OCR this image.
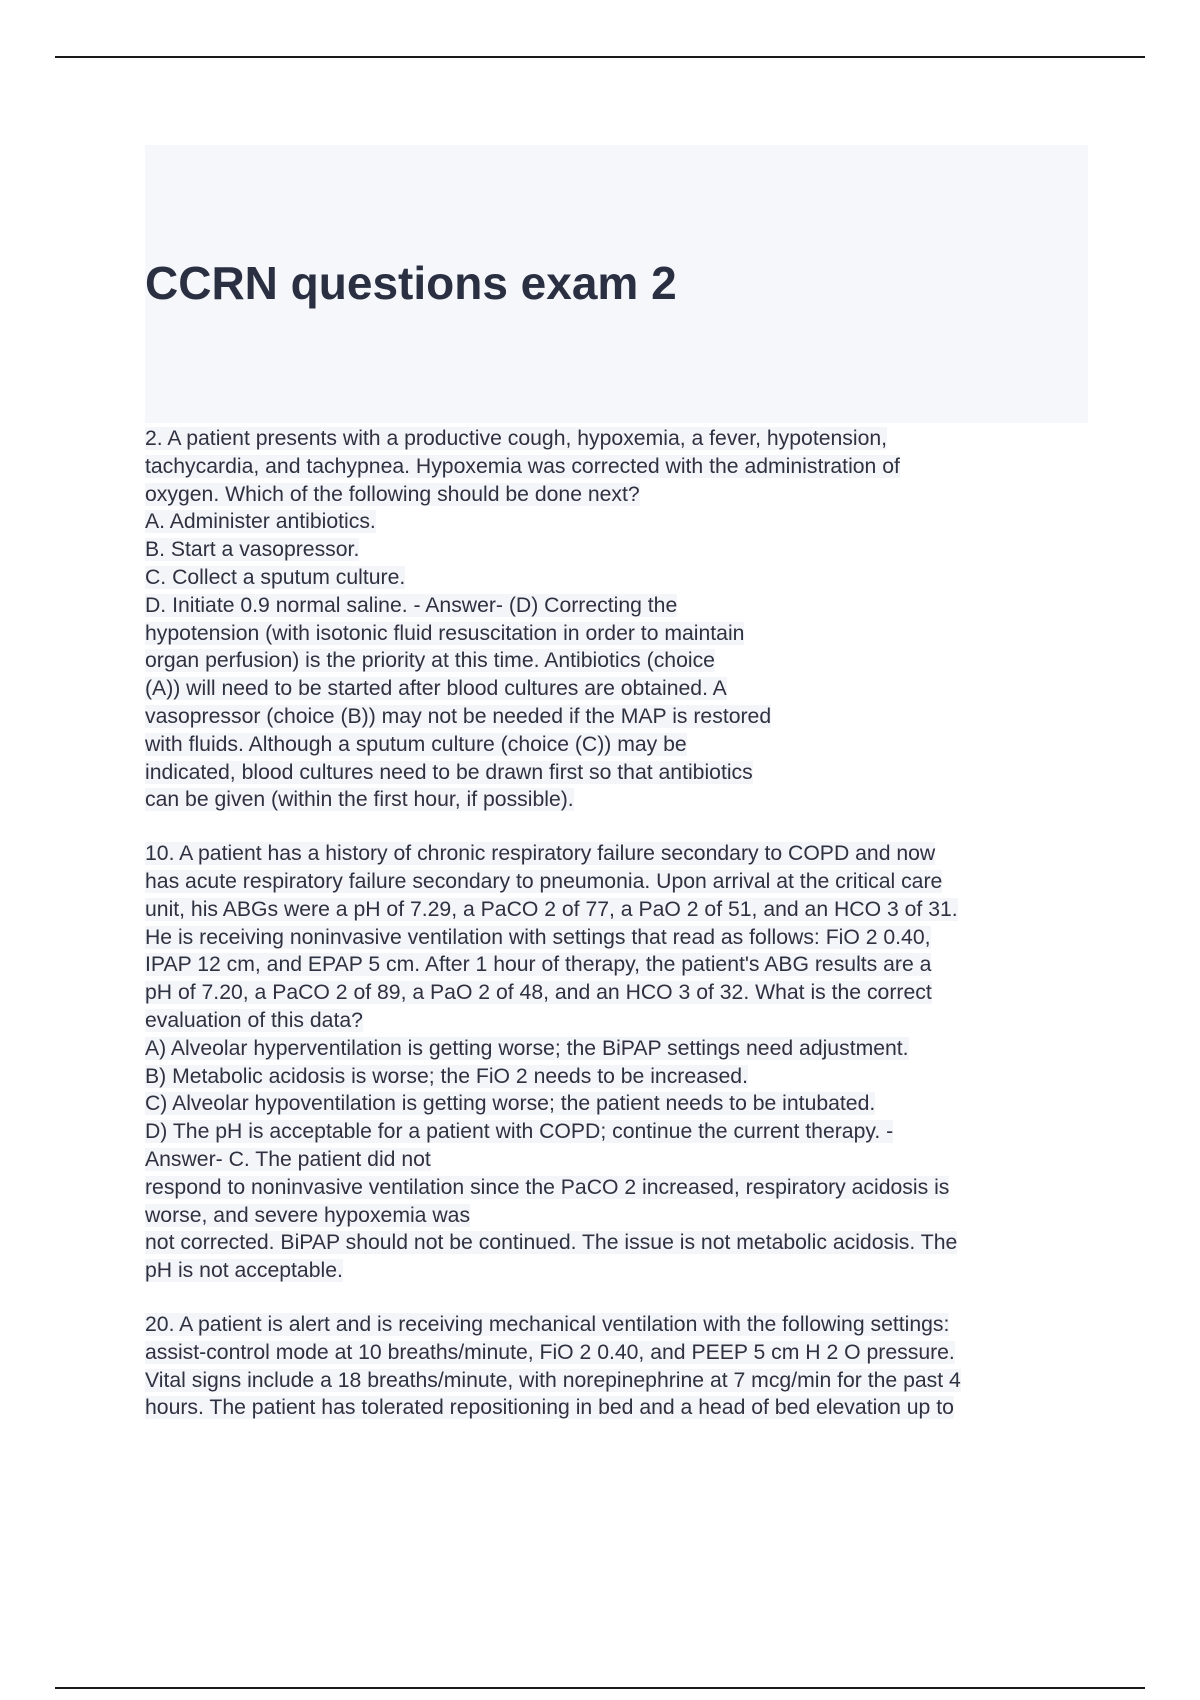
CCRN questions exam 2
2. A patient presents with a productive cough, hypoxemia, a fever, hypotension,
tachycardia, and tachypnea. Hypoxemia was corrected with the administration of
oxygen. Which of the following should be done next?
A. Administer antibiotics.
B. Start a vasopressor.
C. Collect a sputum culture.
D. Initiate 0.9 normal saline. - Answer- (D) Correcting the
hypotension (with isotonic fluid resuscitation in order to maintain
organ perfusion) is the priority at this time. Antibiotics (choice
(A)) will need to be started after blood cultures are obtained. A
vasopressor (choice (B)) may not be needed if the MAP is restored
with fluids. Although a sputum culture (choice (C)) may be
indicated, blood cultures need to be drawn first so that antibiotics
can be given (within the first hour, if possible).
10. A patient has a history of chronic respiratory failure secondary to COPD and now
has acute respiratory failure secondary to pneumonia. Upon arrival at the critical care
unit, his ABGs were a pH of 7.29, a PaCO 2 of 77, a PaO 2 of 51, and an HCO 3 of 31.
He is receiving noninvasive ventilation with settings that read as follows: FiO 2 0.40,
IPAP 12 cm, and EPAP 5 cm. After 1 hour of therapy, the patient's ABG results are a
pH of 7.20, a PaCO 2 of 89, a PaO 2 of 48, and an HCO 3 of 32. What is the correct
evaluation of this data?
A) Alveolar hyperventilation is getting worse; the BiPAP settings need adjustment.
B) Metabolic acidosis is worse; the FiO 2 needs to be increased.
C) Alveolar hypoventilation is getting worse; the patient needs to be intubated.
D) The pH is acceptable for a patient with COPD; continue the current therapy. -
Answer- C. The patient did not
respond to noninvasive ventilation since the PaCO 2 increased, respiratory acidosis is
worse, and severe hypoxemia was
not corrected. BiPAP should not be continued. The issue is not metabolic acidosis. The
pH is not acceptable.
20. A patient is alert and is receiving mechanical ventilation with the following settings:
assist-control mode at 10 breaths/minute, FiO 2 0.40, and PEEP 5 cm H 2 O pressure.
Vital signs include a 18 breaths/minute, with norepinephrine at 7 mcg/min for the past 4
hours. The patient has tolerated repositioning in bed and a head of bed elevation up to
